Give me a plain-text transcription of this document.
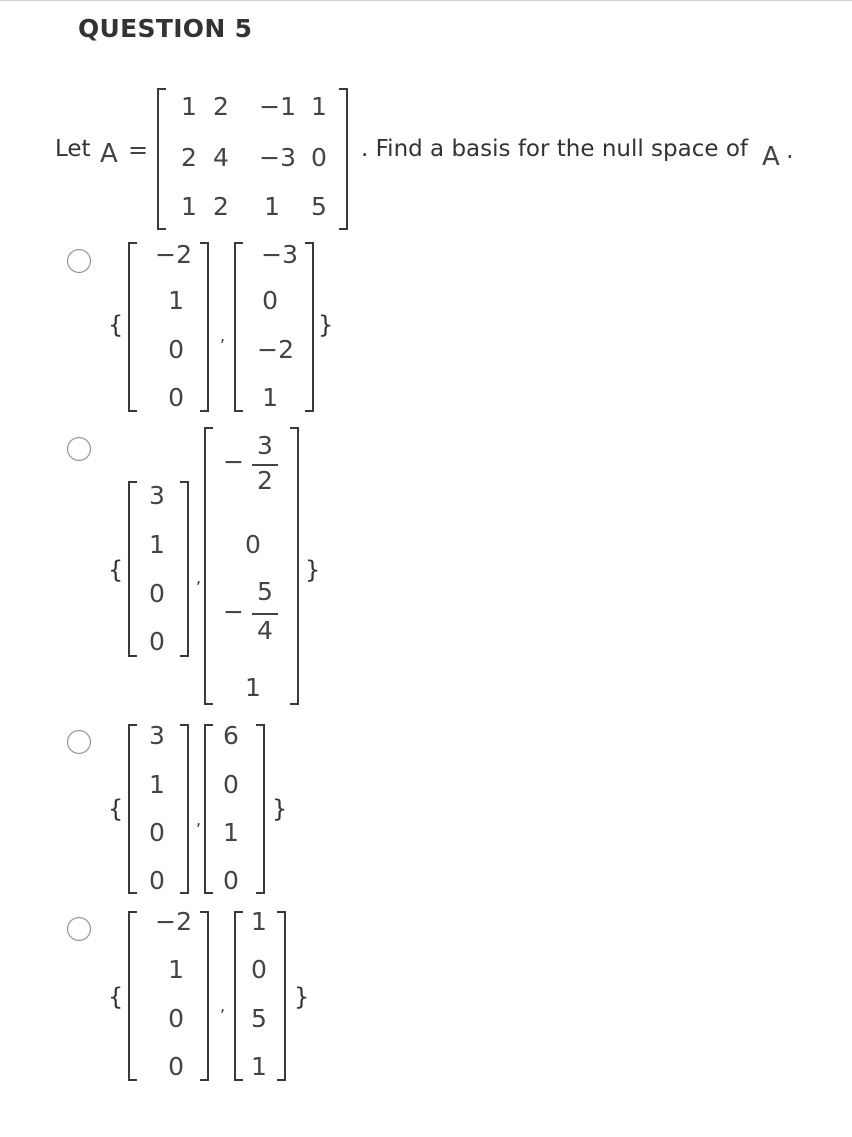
QUESTION 5
Let A =
1 2	−1 1
2 4	−3 0
1 2	1 5
. Find a basis for the null space of A .
{
−2
1
0
0
,
−3
0
−2
1
}
{
3
1
0
0
,
−
3
2
0
−
5
4
1
}
{
3
1
0
0
,
6
0
1
0
}
{
−2
1
0
0
,
1
0
5
1
}
